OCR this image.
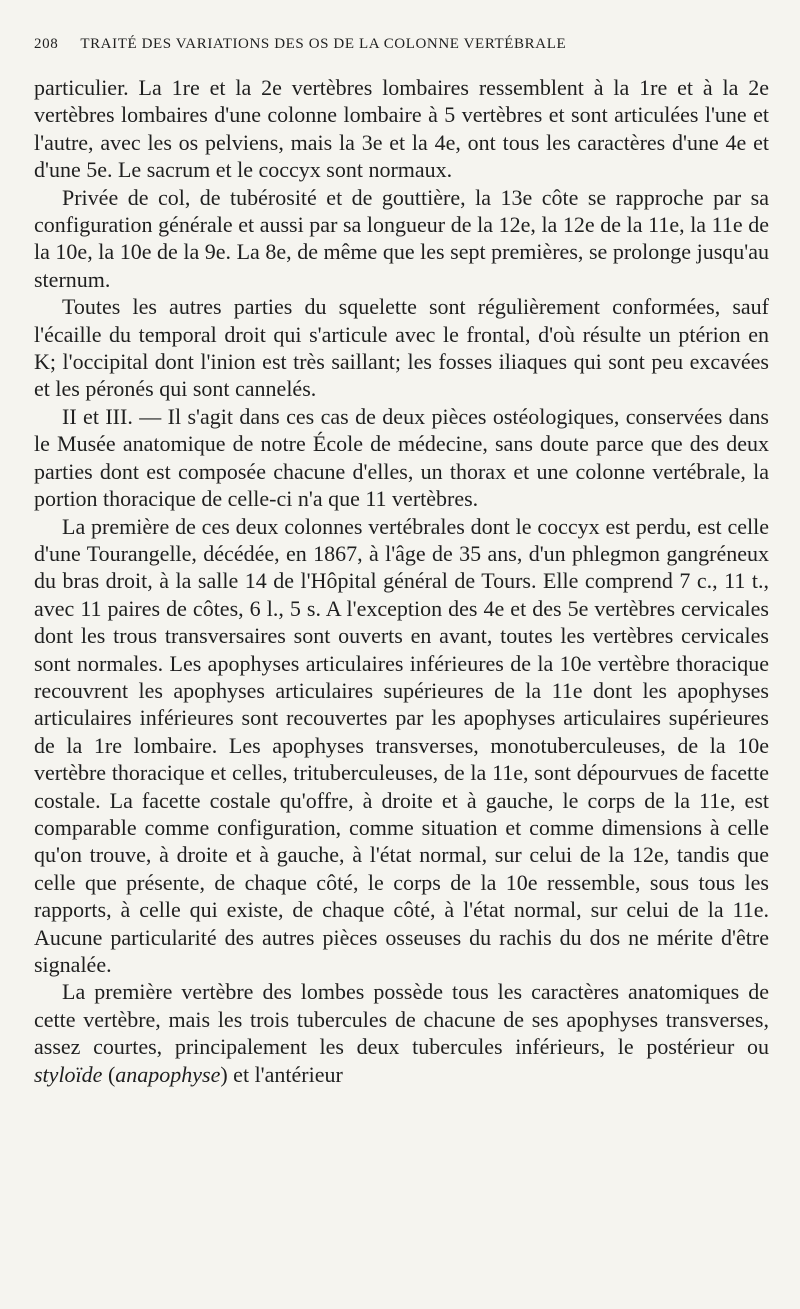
208 TRAITÉ DES VARIATIONS DES OS DE LA COLONNE VERTÉBRALE

particulier. La 1re et la 2e vertèbres lombaires ressemblent à la 1re et à la 2e vertèbres lombaires d'une colonne lombaire à 5 vertèbres et sont articulées l'une et l'autre, avec les os pelviens, mais la 3e et la 4e, ont tous les caractères d'une 4e et d'une 5e. Le sacrum et le coccyx sont normaux.

Privée de col, de tubérosité et de gouttière, la 13e côte se rapproche par sa configuration générale et aussi par sa longueur de la 12e, la 12e de la 11e, la 11e de la 10e, la 10e de la 9e. La 8e, de même que les sept premières, se prolonge jusqu'au sternum.

Toutes les autres parties du squelette sont régulièrement conformées, sauf l'écaille du temporal droit qui s'articule avec le frontal, d'où résulte un ptérion en K; l'occipital dont l'inion est très saillant; les fosses iliaques qui sont peu excavées et les péronés qui sont cannelés.

II et III. — Il s'agit dans ces cas de deux pièces ostéologiques, conservées dans le Musée anatomique de notre École de médecine, sans doute parce que des deux parties dont est composée chacune d'elles, un thorax et une colonne vertébrale, la portion thoracique de celle-ci n'a que 11 vertèbres.

La première de ces deux colonnes vertébrales dont le coccyx est perdu, est celle d'une Tourangelle, décédée, en 1867, à l'âge de 35 ans, d'un phlegmon gangréneux du bras droit, à la salle 14 de l'Hôpital général de Tours. Elle comprend 7 c., 11 t., avec 11 paires de côtes, 6 l., 5 s. A l'exception des 4e et des 5e vertèbres cervicales dont les trous transversaires sont ouverts en avant, toutes les vertèbres cervicales sont normales. Les apophyses articulaires inférieures de la 10e vertèbre thoracique recouvrent les apophyses articulaires supérieures de la 11e dont les apophyses articulaires inférieures sont recouvertes par les apophyses articulaires supérieures de la 1re lombaire. Les apophyses transverses, monotuberculeuses, de la 10e vertèbre thoracique et celles, trituberculeuses, de la 11e, sont dépourvues de facette costale. La facette costale qu'offre, à droite et à gauche, le corps de la 11e, est comparable comme configuration, comme situation et comme dimensions à celle qu'on trouve, à droite et à gauche, à l'état normal, sur celui de la 12e, tandis que celle que présente, de chaque côté, le corps de la 10e ressemble, sous tous les rapports, à celle qui existe, de chaque côté, à l'état normal, sur celui de la 11e. Aucune particularité des autres pièces osseuses du rachis du dos ne mérite d'être signalée.

La première vertèbre des lombes possède tous les caractères anatomiques de cette vertèbre, mais les trois tubercules de chacune de ses apophyses transverses, assez courtes, principalement les deux tubercules inférieurs, le postérieur ou styloïde (anapophyse) et l'antérieur
